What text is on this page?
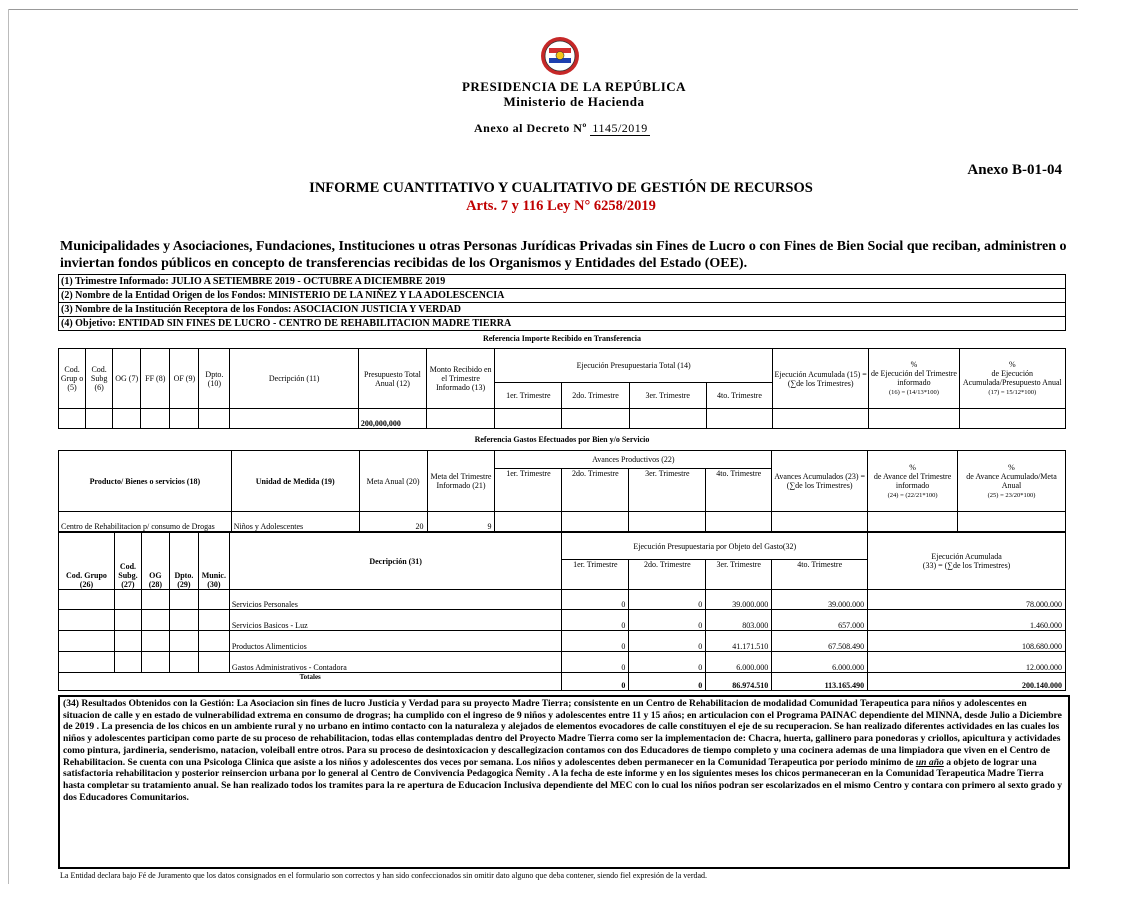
PRESIDENCIA DE LA REPÚBLICA
Ministerio de Hacienda
Anexo al Decreto Nº 1145/2019
Anexo B-01-04
INFORME CUANTITATIVO Y CUALITATIVO DE GESTIÓN DE RECURSOS
Arts. 7 y 116 Ley N° 6258/2019
Municipalidades y Asociaciones, Fundaciones, Instituciones u otras Personas Jurídicas Privadas sin Fines de Lucro o con Fines de Bien Social que reciban, administren o inviertan fondos públicos en concepto de transferencias recibidas de los Organismos y Entidades del Estado (OEE).
(1) Trimestre Informado: JULIO A SETIEMBRE 2019 - OCTUBRE A DICIEMBRE 2019
(2) Nombre de la Entidad Origen de los Fondos: MINISTERIO DE LA NIÑEZ Y LA ADOLESCENCIA
(3) Nombre de la Institución Receptora de los Fondos: ASOCIACION JUSTICIA Y VERDAD
(4) Objetivo: ENTIDAD SIN FINES DE LUCRO - CENTRO DE REHABILITACION MADRE TIERRA
Referencia Importe Recibido en Transferencia
Cod. Grup o (5)	Cod. Subg (6)	OG (7)	FF (8)	OF (9)	Dpto. (10)	Decripción (11)	Presupuesto Total Anual (12)	Monto Recibido en el Trimestre Informado (13)	Ejecución Presupuestaria Total (14)				Ejecución Acumulada (15) = (∑de los Trimestres)	%
de Ejecución del Trimestre informado
(16) = (14/13*100)	%
de Ejecución Acumulada/Presupuesto Anual
(17) = 15/12*100)
									1er. Trimestre	2do. Trimestre	3er. Trimestre	4to. Trimestre			
							200,000,000								
Referencia Gastos Efectuados por Bien y/o Servicio
Producto/ Bienes o servicios (18)	Unidad de Medida (19)	Meta Anual (20)	Meta del Trimestre Informado (21)	Avances Productivos (22)				Avances Acumulados (23) = (∑de los Trimestres)	%
de Avance del Trimestre informado
(24) = (22/21*100)	%
de Avance Acumulado/Meta Anual
(25) = 23/20*100)
				1er. Trimestre	2do. Trimestre	3er. Trimestre	4to. Trimestre			
Centro de Rehabilitacion p/ consumo de Drogas	Niños y Adolescentes	20	9							
Cod. Grupo (26)	Cod. Subg. (27)	OG (28)	Dpto. (29)	Munic. (30)	Decripción (31)	Ejecución Presupuestaria por Objeto del Gasto(32)				Ejecución Acumulada
(33) = (∑de los Trimestres)
						1er. Trimestre	2do. Trimestre	3er. Trimestre	4to. Trimestre	
					Servicios Personales	0	0	39.000.000	39.000.000	78.000.000
					Servicios Basicos - Luz	0	0	803.000	657.000	1.460.000
					Productos Alimenticios	0	0	41.171.510	67.508.490	108.680.000
					Gastos Administrativos - Contadora	0	0	6.000.000	6.000.000	12.000.000
Totales						0	0	86.974.510	113.165.490	200.140.000
(34) Resultados Obtenidos con la Gestión: La Asociacion sin fines de lucro Justicia y Verdad para su proyecto Madre Tierra; consistente en un Centro de Rehabilitacion de modalidad Comunidad Terapeutica para niños y adolescentes en situacion de calle y en estado de vulnerabilidad extrema en consumo de drogras; ha cumplido con el ingreso de 9 niños y adolescentes entre 11 y 15 años; en articulacion con el Programa PAINAC dependiente del MINNA, desde Julio a Diciembre de 2019 . La presencia de los chicos en un ambiente rural y no urbano en intimo contacto con la naturaleza y alejados de elementos evocadores de calle constituyen el eje de su recuperacion. Se han realizado diferentes actividades en las cuales los niños y adolescentes participan como parte de su proceso de rehabilitacion, todas ellas contempladas dentro del Proyecto Madre Tierra como ser la implementacion de: Chacra, huerta, gallinero para ponedoras y criollos, apicultura y actividades como pintura, jardineria, senderismo, natacion, voleiball entre otros. Para su proceso de desintoxicacion y descallegizacion contamos con dos Educadores de tiempo completo y una cocinera ademas de una limpiadora que viven en el Centro de Rehabilitacion. Se cuenta con una Psicologa Clinica que asiste a los niños y adolescentes dos veces por semana. Los niños y adolescentes deben permanecer en la Comunidad Terapeutica por periodo minimo de un año a objeto de lograr una satisfactoria rehabilitacion y posterior reinsercion urbana por lo general al Centro de Convivencia Pedagogica Ñemity . A la fecha de este informe y en los siguientes meses los chicos permaneceran en la Comunidad Terapeutica Madre Tierra hasta completar su tratamiento anual. Se han realizado todos los tramites para la re apertura de Educacion Inclusiva dependiente del MEC con lo cual los niños podran ser escolarizados en el mismo Centro y contara con primero al sexto grado y dos Educadores Comunitarios.
La Entidad declara bajo Fé de Juramento que los datos consignados en el formulario son correctos y han sido confeccionados sin omitir dato alguno que deba contener, siendo fiel expresión de la verdad.
